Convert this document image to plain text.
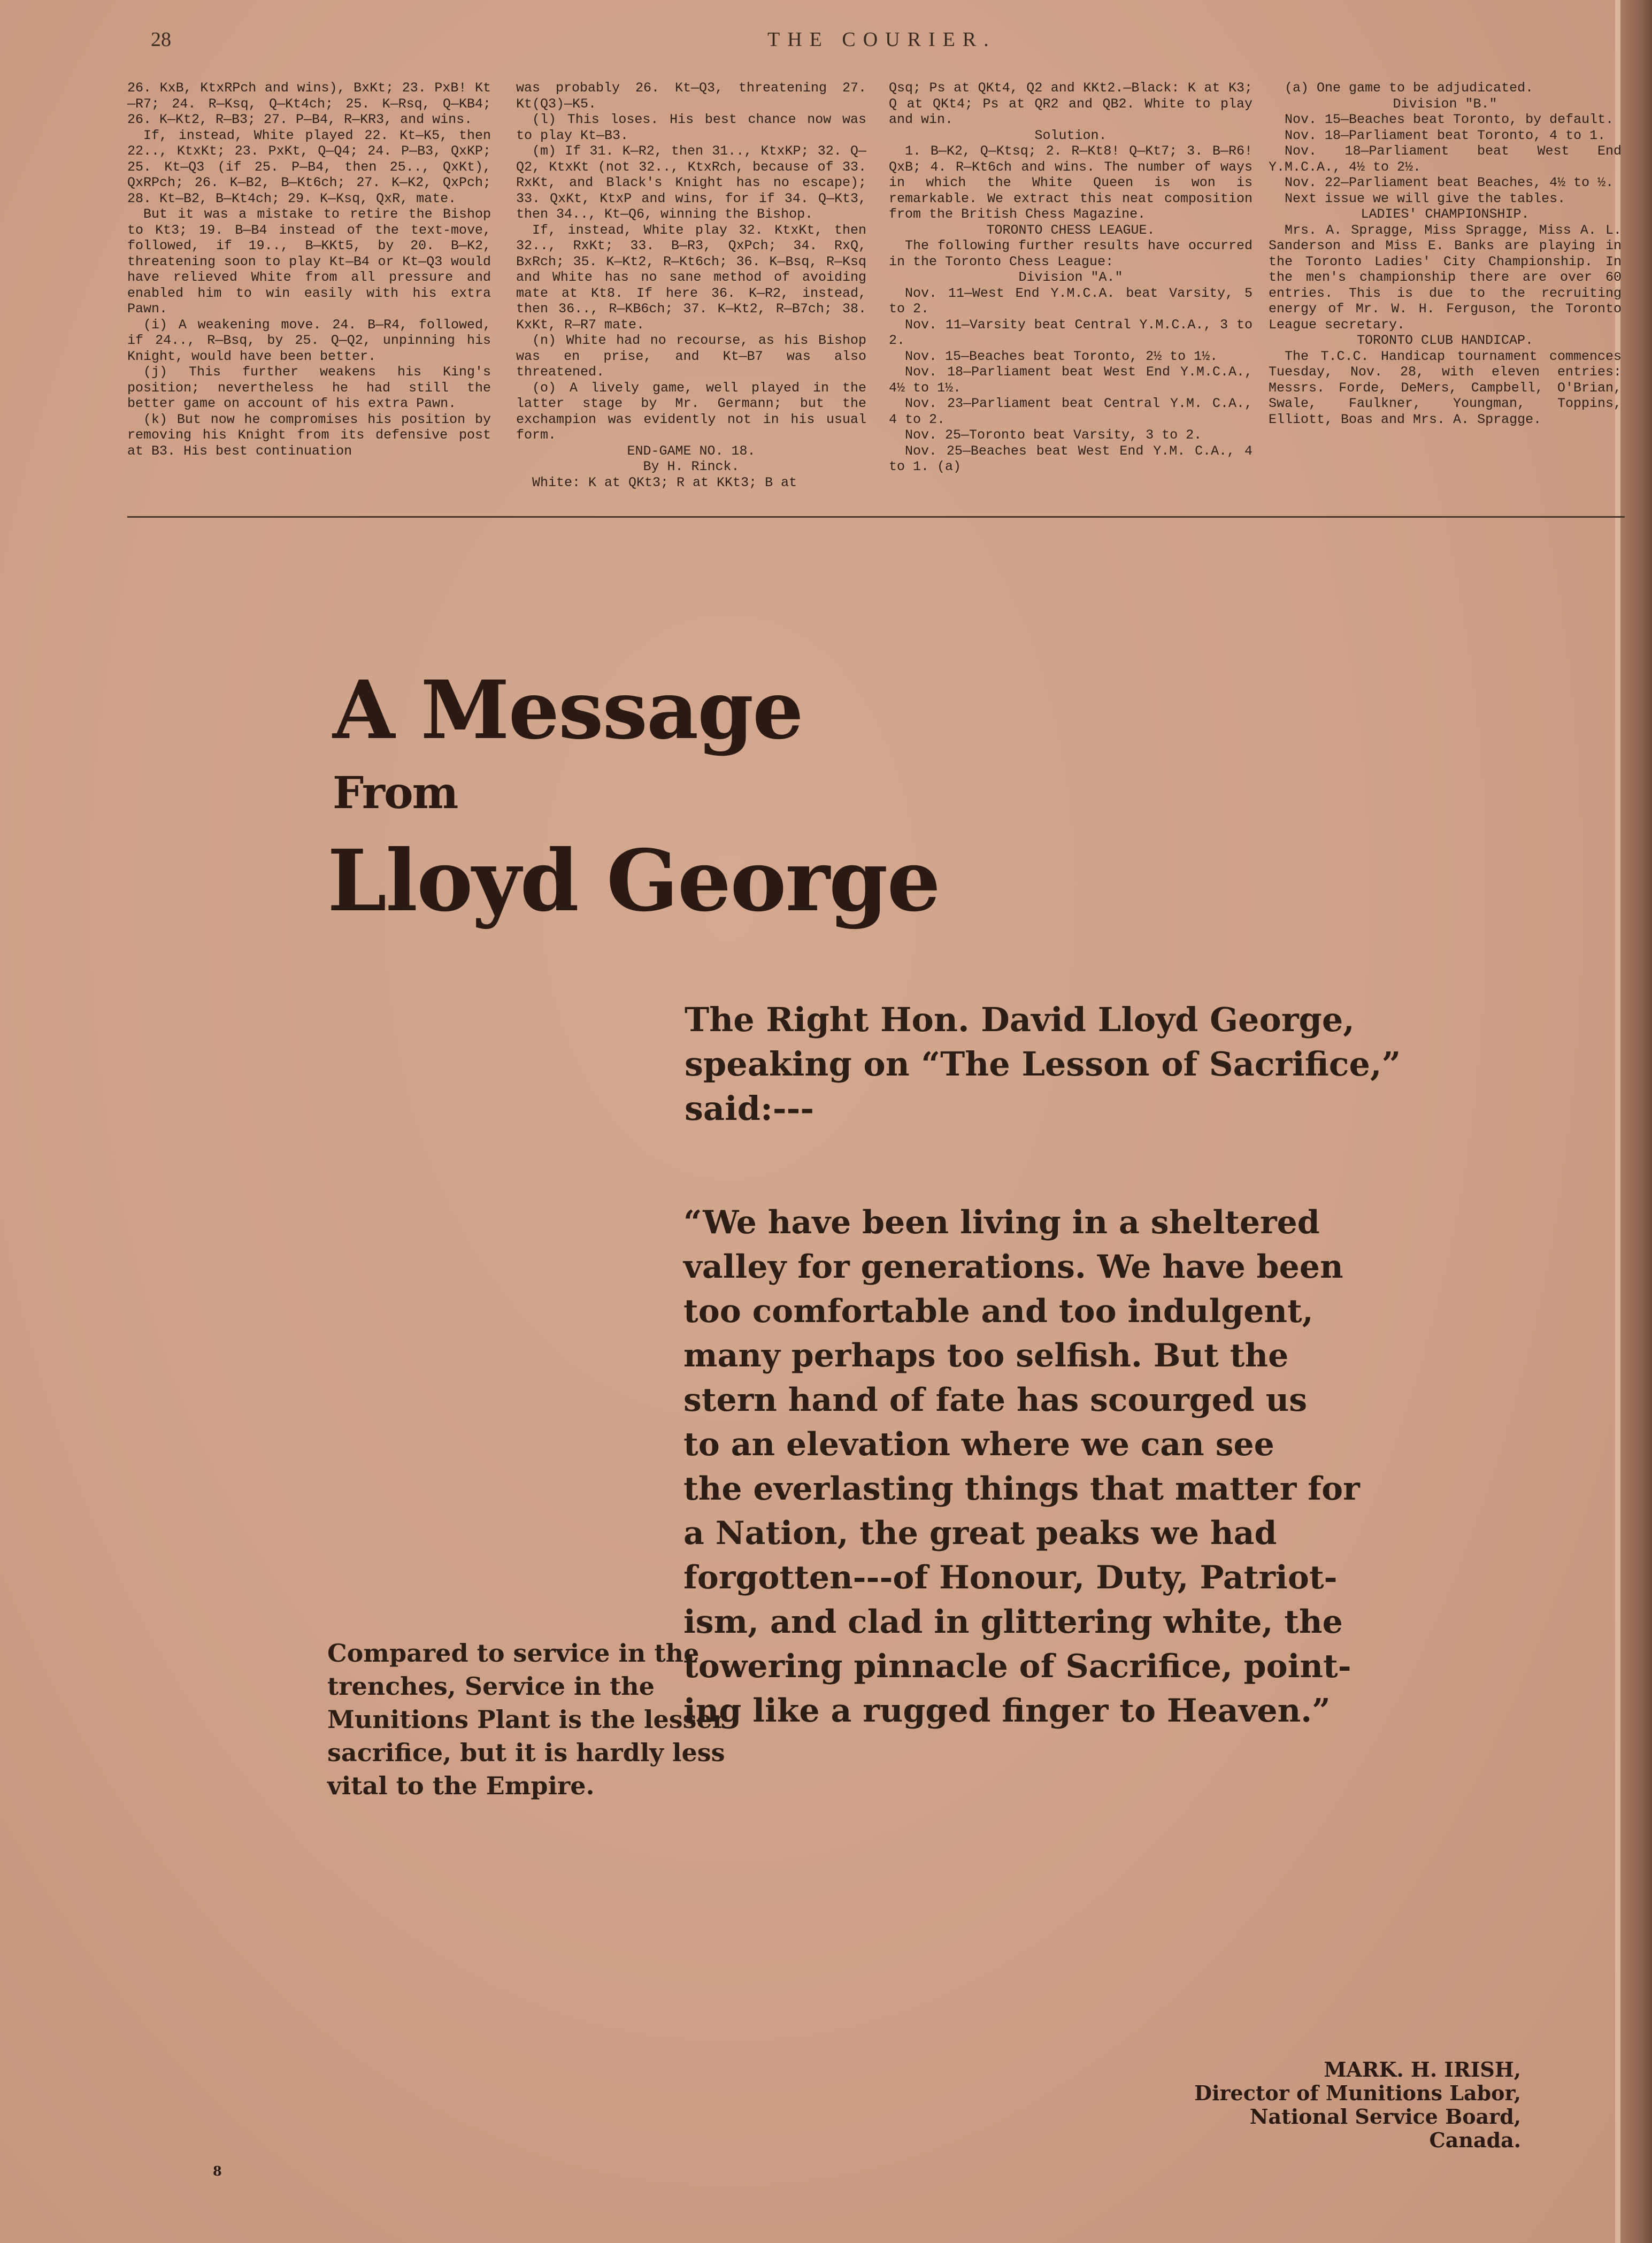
28	THE COURIER.

26. KxB, KtxRPch and wins), BxKt; 23. PxB! Kt—R7; 24. R—Ksq, Q—Kt4ch; 25. K—Rsq, Q—KB4; 26. K—Kt2, R—B3; 27. P—B4, R—KR3, and wins.

If, instead, White played 22. Kt—K5, then 22.., KtxKt; 23. PxKt, Q—Q4; 24. P—B3, QxKP; 25. Kt—Q3 (if 25. P—B4, then 25.., QxKt), QxRPch; 26. K—B2, B—Kt6ch; 27. K—K2, QxPch; 28. Kt—B2, B—Kt4ch; 29. K—Ksq, QxR, mate.

But it was a mistake to retire the Bishop to Kt3; 19. B—B4 instead of the text-move, followed, if 19.., B—KKt5, by 20. B—K2, threatening soon to play Kt—B4 or Kt—Q3 would have relieved White from all pressure and enabled him to win easily with his extra Pawn.

(i) A weakening move. 24. B—R4, followed, if 24.., R—Bsq, by 25. Q—Q2, unpinning his Knight, would have been better.

(j) This further weakens his King's position; nevertheless he had still the better game on account of his extra Pawn.

(k) But now he compromises his position by removing his Knight from its defensive post at B3. His best continuation

was probably 26. Kt—Q3, threatening 27. Kt(Q3)—K5.

(l) This loses. His best chance now was to play Kt—B3.

(m) If 31. K—R2, then 31.., KtxKP; 32. Q—Q2, KtxKt (not 32.., KtxRch, because of 33. RxKt, and Black's Knight has no escape); 33. QxKt, KtxP and wins, for if 34. Q—Kt3, then 34.., Kt—Q6, winning the Bishop.

If, instead, White play 32. KtxKt, then 32.., RxKt; 33. B—R3, QxPch; 34. RxQ, BxRch; 35. K—Kt2, R—Kt6ch; 36. K—Bsq, R—Ksq and White has no sane method of avoiding mate at Kt8. If here 36. K—R2, instead, then 36.., R—KB6ch; 37. K—Kt2, R—B7ch; 38. KxKt, R—R7 mate.

(n) White had no recourse, as his Bishop was en prise, and Kt—B7 was also threatened.

(o) A lively game, well played in the latter stage by Mr. Germann; but the exchampion was evidently not in his usual form.

END-GAME NO. 18.

By H. Rinck.

White: K at QKt3; R at KKt3; B at

Qsq; Ps at QKt4, Q2 and KKt2.—Black: K at K3; Q at QKt4; Ps at QR2 and QB2. White to play and win.

Solution.

1. B—K2, Q—Ktsq; 2. R—Kt8! Q—Kt7; 3. B—R6! QxB; 4. R—Kt6ch and wins. The number of ways in which the White Queen is won is remarkable. We extract this neat composition from the British Chess Magazine.

TORONTO CHESS LEAGUE.

The following further results have occurred in the Toronto Chess League:

Division "A."

Nov. 11—West End Y.M.C.A. beat Varsity, 5 to 2.

Nov. 11—Varsity beat Central Y.M.C.A., 3 to 2.

Nov. 15—Beaches beat Toronto, 2½ to 1½.

Nov. 18—Parliament beat West End Y.M.C.A., 4½ to 1½.

Nov. 23—Parliament beat Central Y.M. C.A., 4 to 2.

Nov. 25—Toronto beat Varsity, 3 to 2.

Nov. 25—Beaches beat West End Y.M. C.A., 4 to 1. (a)

(a) One game to be adjudicated.

Division "B."

Nov. 15—Beaches beat Toronto, by default.

Nov. 18—Parliament beat Toronto, 4 to 1.

Nov. 18—Parliament beat West End Y.M.C.A., 4½ to 2½.

Nov. 22—Parliament beat Beaches, 4½ to ½.

Next issue we will give the tables.

LADIES' CHAMPIONSHIP.

Mrs. A. Spragge, Miss Spragge, Miss A. L. Sanderson and Miss E. Banks are playing in the Toronto Ladies' City Championship. In the men's championship there are over 60 entries. This is due to the recruiting energy of Mr. W. H. Ferguson, the Toronto League secretary.

TORONTO CLUB HANDICAP.

The T.C.C. Handicap tournament commences Tuesday, Nov. 28, with eleven entries: Messrs. Forde, DeMers, Campbell, O'Brian, Swale, Faulkner, Youngman, Toppins, Elliott, Boas and Mrs. A. Spragge.

A Message
From
Lloyd George

The Right Hon. David Lloyd George,

speaking on “The Lesson of Sacrifice,”

said:---

“We have been living in a sheltered

valley for generations. We have been

too comfortable and too indulgent,

many perhaps too selfish. But the

stern hand of fate has scourged us

to an elevation where we can see

the everlasting things that matter for

a Nation, the great peaks we had

forgotten---of Honour, Duty, Patriot-

ism, and clad in glittering white, the

towering pinnacle of Sacrifice, point-

ing like a rugged finger to Heaven.”

Compared to service in the trenches, Service in the Munitions Plant is the lesser sacrifice, but it is hardly less vital to the Empire.
MARK. H. IRISH,
Director of Munitions Labor,
National Service Board,
Canada.
8
